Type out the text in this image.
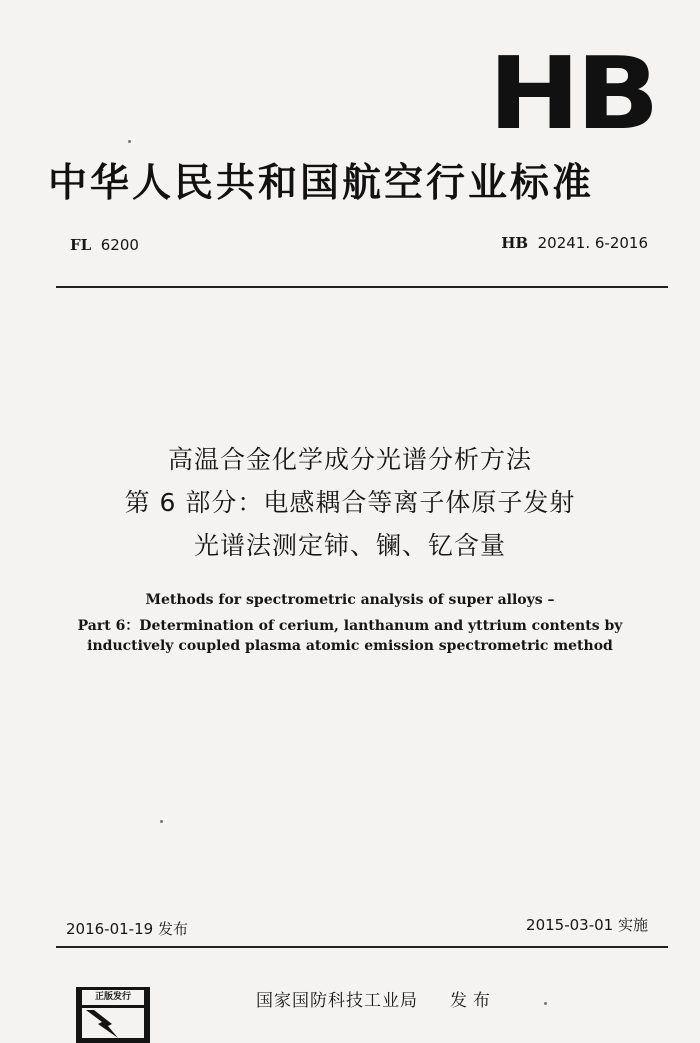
HB
中华人民共和国航空行业标准
FL 6200	HB 20241. 6-2016
高温合金化学成分光谱分析方法
第 6 部分：电感耦合等离子体原子发射
光谱法测定铈、镧、钇含量
Methods for spectrometric analysis of super alloys –
Part 6：Determination of cerium, lanthanum and yttrium contents by
inductively coupled plasma atomic emission spectrometric method
2016-01-19 发布	2015-03-01 实施
正版发行	国家国防科技工业局 发布
